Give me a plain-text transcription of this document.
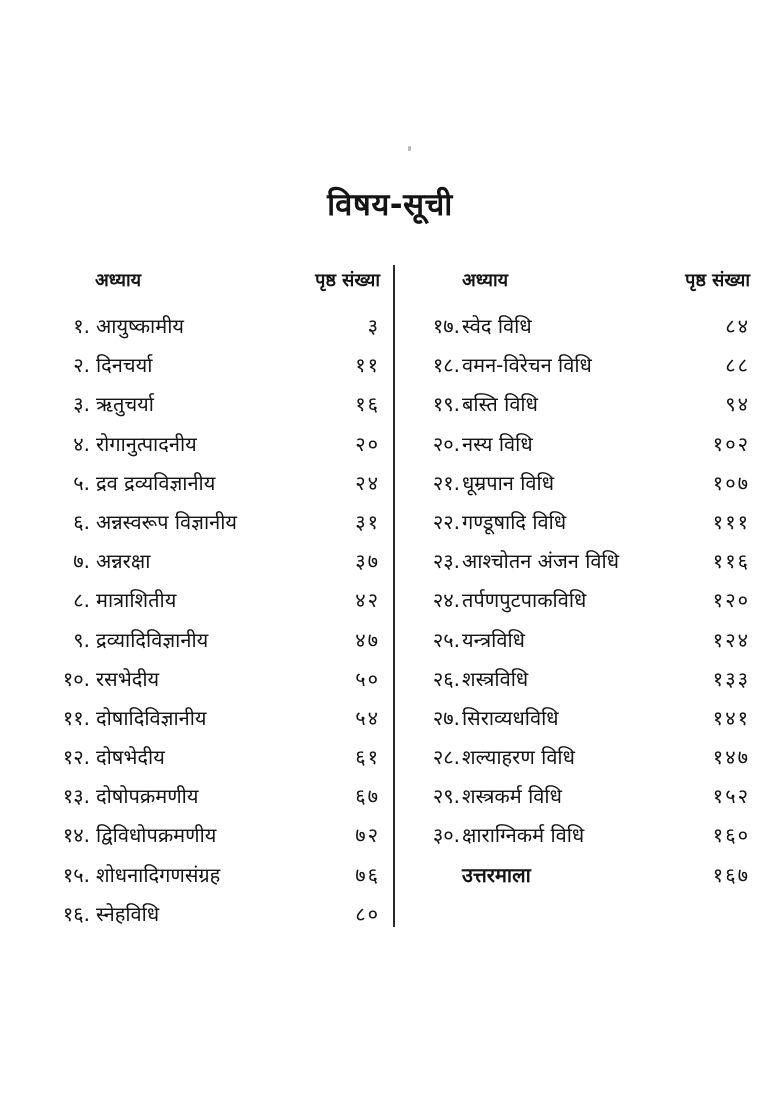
विषय-सूची
अध्याय	पृष्ठ संख्या
१. आयुष्कामीय	३
२. दिनचर्या	११
३. ऋतुचर्या	१६
४. रोगानुत्पादनीय	२०
५. द्रव द्रव्यविज्ञानीय	२४
६. अन्नस्वरूप विज्ञानीय	३१
७. अन्नरक्षा	३७
८. मात्राशितीय	४२
९. द्रव्यादिविज्ञानीय	४७
१०. रसभेदीय	५०
११. दोषादिविज्ञानीय	५४
१२. दोषभेदीय	६१
१३. दोषोपक्रमणीय	६७
१४. द्विविधोपक्रमणीय	७२
१५. शोधनादिगणसंग्रह	७६
१६. स्नेहविधि	८०
अध्याय	पृष्ठ संख्या
१७. स्वेद विधि	८४
१८. वमन-विरेचन विधि	८८
१९. बस्ति विधि	९४
२०. नस्य विधि	१०२
२१. धूम्रपान विधि	१०७
२२. गण्डूषादि विधि	१११
२३. आश्चोतन अंजन विधि	११६
२४. तर्पणपुटपाकविधि	१२०
२५. यन्त्रविधि	१२४
२६. शस्त्रविधि	१३३
२७. सिराव्यधविधि	१४१
२८. शल्याहरण विधि	१४७
२९. शस्त्रकर्म विधि	१५२
३०. क्षाराग्निकर्म विधि	१६०
उत्तरमाला	१६७
